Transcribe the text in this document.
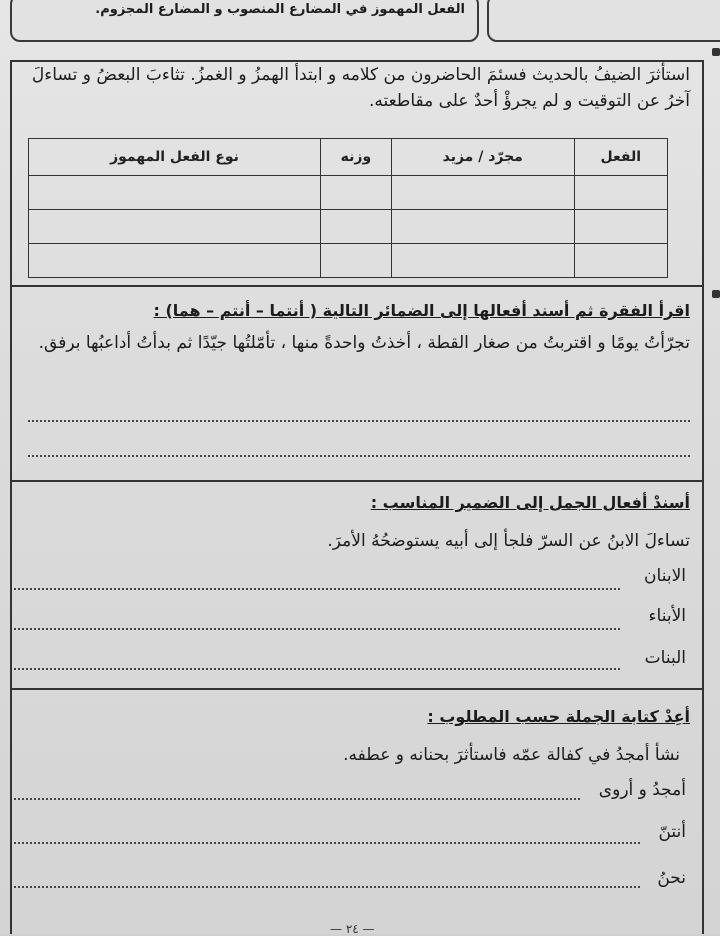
الفعل المهموز في المضارع المنصوب و المضارع المجزوم.
استأثرَ الضيفُ بالحديث فسئمَ الحاضرون من كلامه و ابتدأ الهمزُ و الغمزُ. تثاءبَ البعضُ و تساءلَ آخرُ عن التوقيت و لم يجرؤْ أحدٌ على مقاطعته.
الفعل	مجرّد / مزيد	وزنه	نوع الفعل المهموز

اقرأ الفقرة ثم أسند أفعالها إلى الضمائر التالية ( أنتما – أنتم – هما) :
تجرّأتُ يومًا و اقتربتُ من صغار القطة ، أخذتُ واحدةً منها ، تأمّلتُها جيّدًا ثم بدأتُ أداعبُها برفق.
أسندْ أفعال الجمل إلى الضمير المناسب :
تساءلَ الابنُ عن السرّ فلجأ إلى أبيه يستوضحُهُ الأمرَ.
الابنان
الأبناء
البنات
أعِدْ كتابة الجملة حسب المطلوب :
نشأ أمجدُ في كفالة عمّه فاستأثرَ بحنانه و عطفه.
أمجدُ و أروى
أنتنّ
نحنُ
— ٢٤ —
